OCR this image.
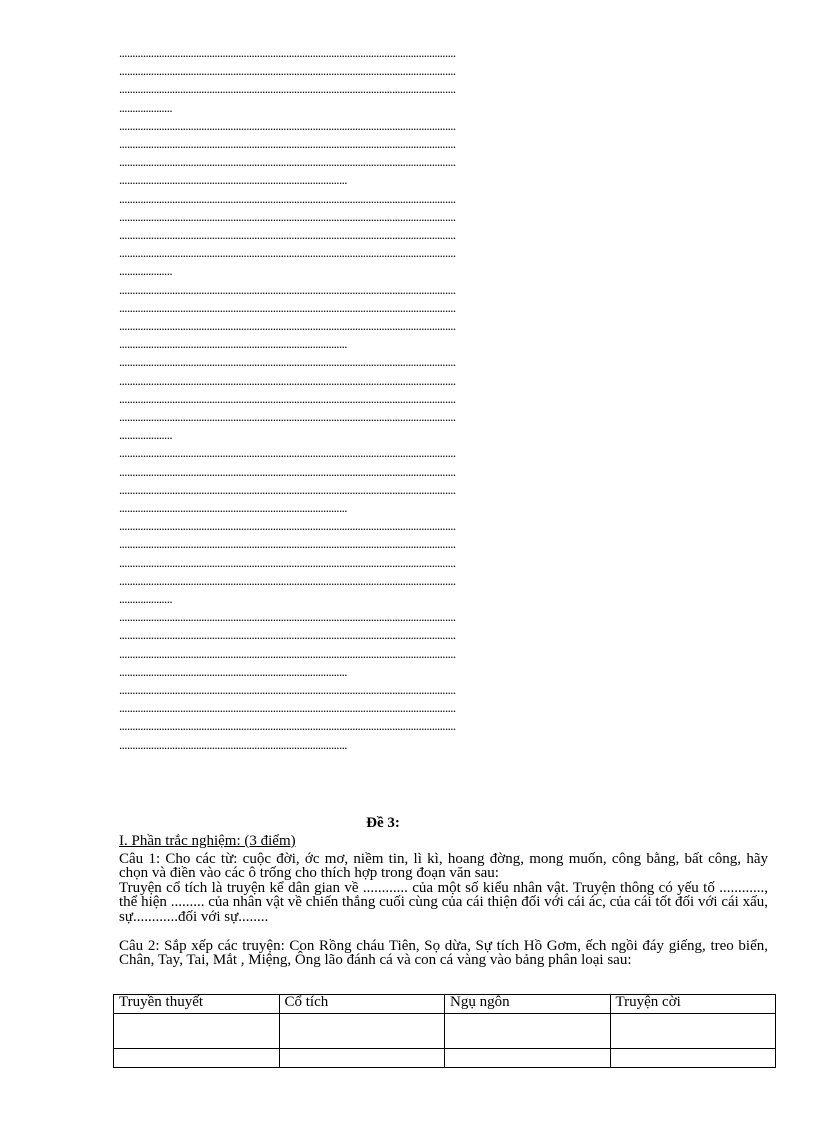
...............................................................................................................................
...............................................................................................................................
...............................................................................................................................
....................
...............................................................................................................................
...............................................................................................................................
...............................................................................................................................
......................................................................................
...............................................................................................................................
...............................................................................................................................
...............................................................................................................................
...............................................................................................................................
....................
...............................................................................................................................
...............................................................................................................................
...............................................................................................................................
......................................................................................
...............................................................................................................................
...............................................................................................................................
...............................................................................................................................
...............................................................................................................................
....................
...............................................................................................................................
...............................................................................................................................
...............................................................................................................................
......................................................................................
...............................................................................................................................
...............................................................................................................................
...............................................................................................................................
...............................................................................................................................
....................
...............................................................................................................................
...............................................................................................................................
...............................................................................................................................
......................................................................................
...............................................................................................................................
...............................................................................................................................
...............................................................................................................................
......................................................................................
Đề 3:
I. Phần trắc nghiệm: (3 điểm)
Câu 1: Cho các từ: cuộc đời, ớc mơ, niềm tin, lì kì, hoang đờng, mong muốn, công bằng, bất công, hãy chọn và điền vào các ô trống cho thích hợp trong đoạn văn sau:
Truyện cổ tích là truyện kể dân gian về ............ của một số kiểu nhân vật. Truyện thông có yếu tố ............, thể hiện ......... của nhân vật về chiến thắng cuối cùng của cái thiện đối với cái ác, của cái tốt đối với cái xấu, sự............đối với sự........
Câu 2: Sắp xếp các truyện: Con Rồng cháu Tiên, Sọ dừa, Sự tích Hồ Gơm, ếch ngồi đáy giếng, treo biển, Chân, Tay, Tai, Mắt , Miệng, Ông lão đánh cá và con cá vàng vào bảng phân loại sau:
Truyền thuyết	Cổ tích	Ngụ ngôn	Truyện cời
